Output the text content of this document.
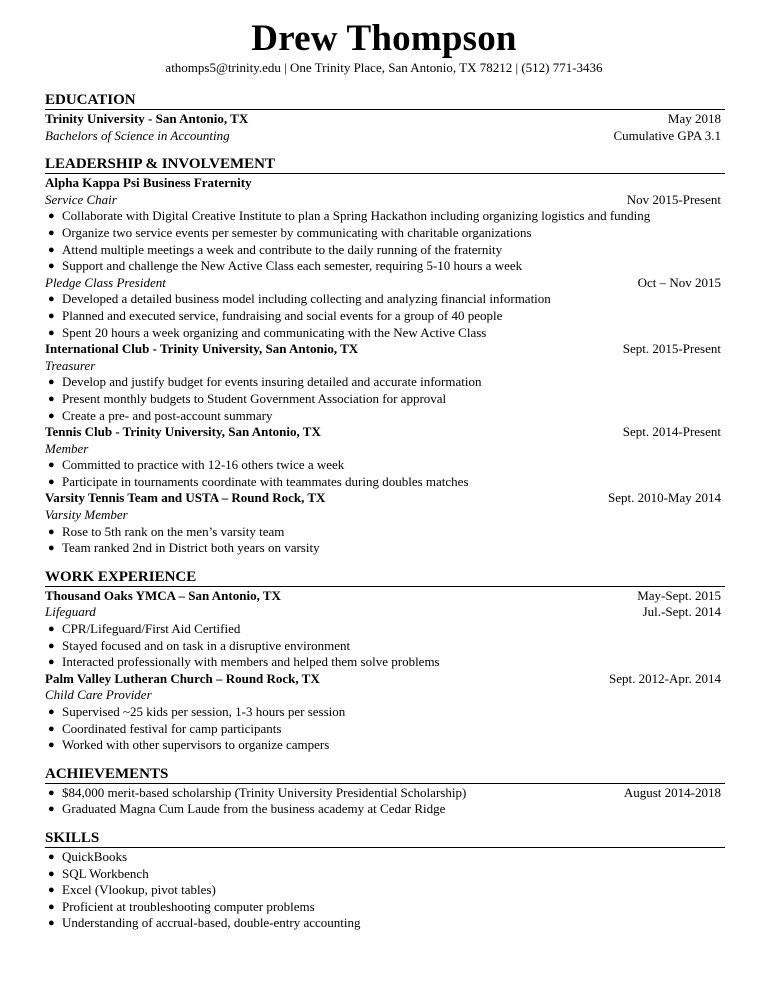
Drew Thompson
athomps5@trinity.edu | One Trinity Place, San Antonio, TX 78212 | (512) 771-3436
EDUCATION
Trinity University - San Antonio, TX	May 2018
Bachelors of Science in Accounting	Cumulative GPA 3.1
LEADERSHIP & INVOLVEMENT
Alpha Kappa Psi Business Fraternity
Service Chair	Nov 2015-Present
● Collaborate with Digital Creative Institute to plan a Spring Hackathon including organizing logistics and funding
● Organize two service events per semester by communicating with charitable organizations
● Attend multiple meetings a week and contribute to the daily running of the fraternity
● Support and challenge the New Active Class each semester, requiring 5-10 hours a week
Pledge Class President	Oct – Nov 2015
● Developed a detailed business model including collecting and analyzing financial information
● Planned and executed service, fundraising and social events for a group of 40 people
● Spent 20 hours a week organizing and communicating with the New Active Class
International Club - Trinity University, San Antonio, TX	Sept. 2015-Present
Treasurer
● Develop and justify budget for events insuring detailed and accurate information
● Present monthly budgets to Student Government Association for approval
● Create a pre- and post-account summary
Tennis Club - Trinity University, San Antonio, TX	Sept. 2014-Present
Member
● Committed to practice with 12-16 others twice a week
● Participate in tournaments coordinate with teammates during doubles matches
Varsity Tennis Team and USTA – Round Rock, TX	Sept. 2010-May 2014
Varsity Member
● Rose to 5th rank on the men’s varsity team
● Team ranked 2nd in District both years on varsity
WORK EXPERIENCE
Thousand Oaks YMCA – San Antonio, TX	May-Sept. 2015
Lifeguard	Jul.-Sept. 2014
● CPR/Lifeguard/First Aid Certified
● Stayed focused and on task in a disruptive environment
● Interacted professionally with members and helped them solve problems
Palm Valley Lutheran Church – Round Rock, TX	Sept. 2012-Apr. 2014
Child Care Provider
● Supervised ~25 kids per session, 1-3 hours per session
● Coordinated festival for camp participants
● Worked with other supervisors to organize campers
ACHIEVEMENTS
● $84,000 merit-based scholarship (Trinity University Presidential Scholarship)	August 2014-2018
● Graduated Magna Cum Laude from the business academy at Cedar Ridge
SKILLS
● QuickBooks
● SQL Workbench
● Excel (Vlookup, pivot tables)
● Proficient at troubleshooting computer problems
● Understanding of accrual-based, double-entry accounting
